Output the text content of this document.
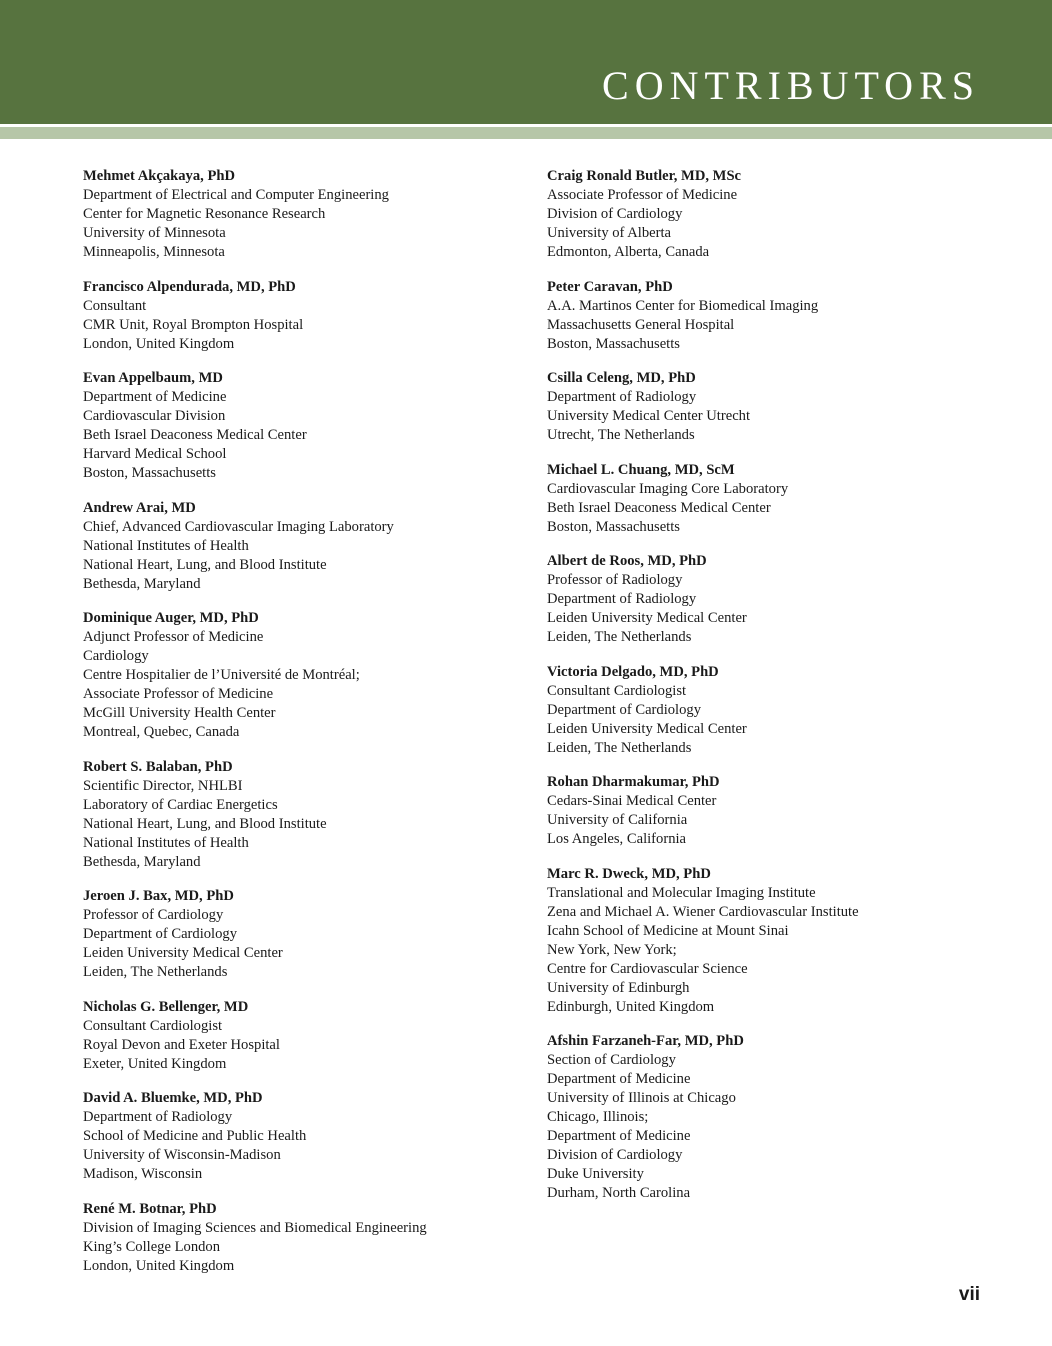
CONTRIBUTORS
Mehmet Akçakaya, PhD
Department of Electrical and Computer Engineering
Center for Magnetic Resonance Research
University of Minnesota
Minneapolis, Minnesota
Francisco Alpendurada, MD, PhD
Consultant
CMR Unit, Royal Brompton Hospital
London, United Kingdom
Evan Appelbaum, MD
Department of Medicine
Cardiovascular Division
Beth Israel Deaconess Medical Center
Harvard Medical School
Boston, Massachusetts
Andrew Arai, MD
Chief, Advanced Cardiovascular Imaging Laboratory
National Institutes of Health
National Heart, Lung, and Blood Institute
Bethesda, Maryland
Dominique Auger, MD, PhD
Adjunct Professor of Medicine
Cardiology
Centre Hospitalier de l’Université de Montréal;
Associate Professor of Medicine
McGill University Health Center
Montreal, Quebec, Canada
Robert S. Balaban, PhD
Scientific Director, NHLBI
Laboratory of Cardiac Energetics
National Heart, Lung, and Blood Institute
National Institutes of Health
Bethesda, Maryland
Jeroen J. Bax, MD, PhD
Professor of Cardiology
Department of Cardiology
Leiden University Medical Center
Leiden, The Netherlands
Nicholas G. Bellenger, MD
Consultant Cardiologist
Royal Devon and Exeter Hospital
Exeter, United Kingdom
David A. Bluemke, MD, PhD
Department of Radiology
School of Medicine and Public Health
University of Wisconsin-Madison
Madison, Wisconsin
René M. Botnar, PhD
Division of Imaging Sciences and Biomedical Engineering
King’s College London
London, United Kingdom
Craig Ronald Butler, MD, MSc
Associate Professor of Medicine
Division of Cardiology
University of Alberta
Edmonton, Alberta, Canada
Peter Caravan, PhD
A.A. Martinos Center for Biomedical Imaging
Massachusetts General Hospital
Boston, Massachusetts
Csilla Celeng, MD, PhD
Department of Radiology
University Medical Center Utrecht
Utrecht, The Netherlands
Michael L. Chuang, MD, ScM
Cardiovascular Imaging Core Laboratory
Beth Israel Deaconess Medical Center
Boston, Massachusetts
Albert de Roos, MD, PhD
Professor of Radiology
Department of Radiology
Leiden University Medical Center
Leiden, The Netherlands
Victoria Delgado, MD, PhD
Consultant Cardiologist
Department of Cardiology
Leiden University Medical Center
Leiden, The Netherlands
Rohan Dharmakumar, PhD
Cedars-Sinai Medical Center
University of California
Los Angeles, California
Marc R. Dweck, MD, PhD
Translational and Molecular Imaging Institute
Zena and Michael A. Wiener Cardiovascular Institute
Icahn School of Medicine at Mount Sinai
New York, New York;
Centre for Cardiovascular Science
University of Edinburgh
Edinburgh, United Kingdom
Afshin Farzaneh-Far, MD, PhD
Section of Cardiology
Department of Medicine
University of Illinois at Chicago
Chicago, Illinois;
Department of Medicine
Division of Cardiology
Duke University
Durham, North Carolina
vii
